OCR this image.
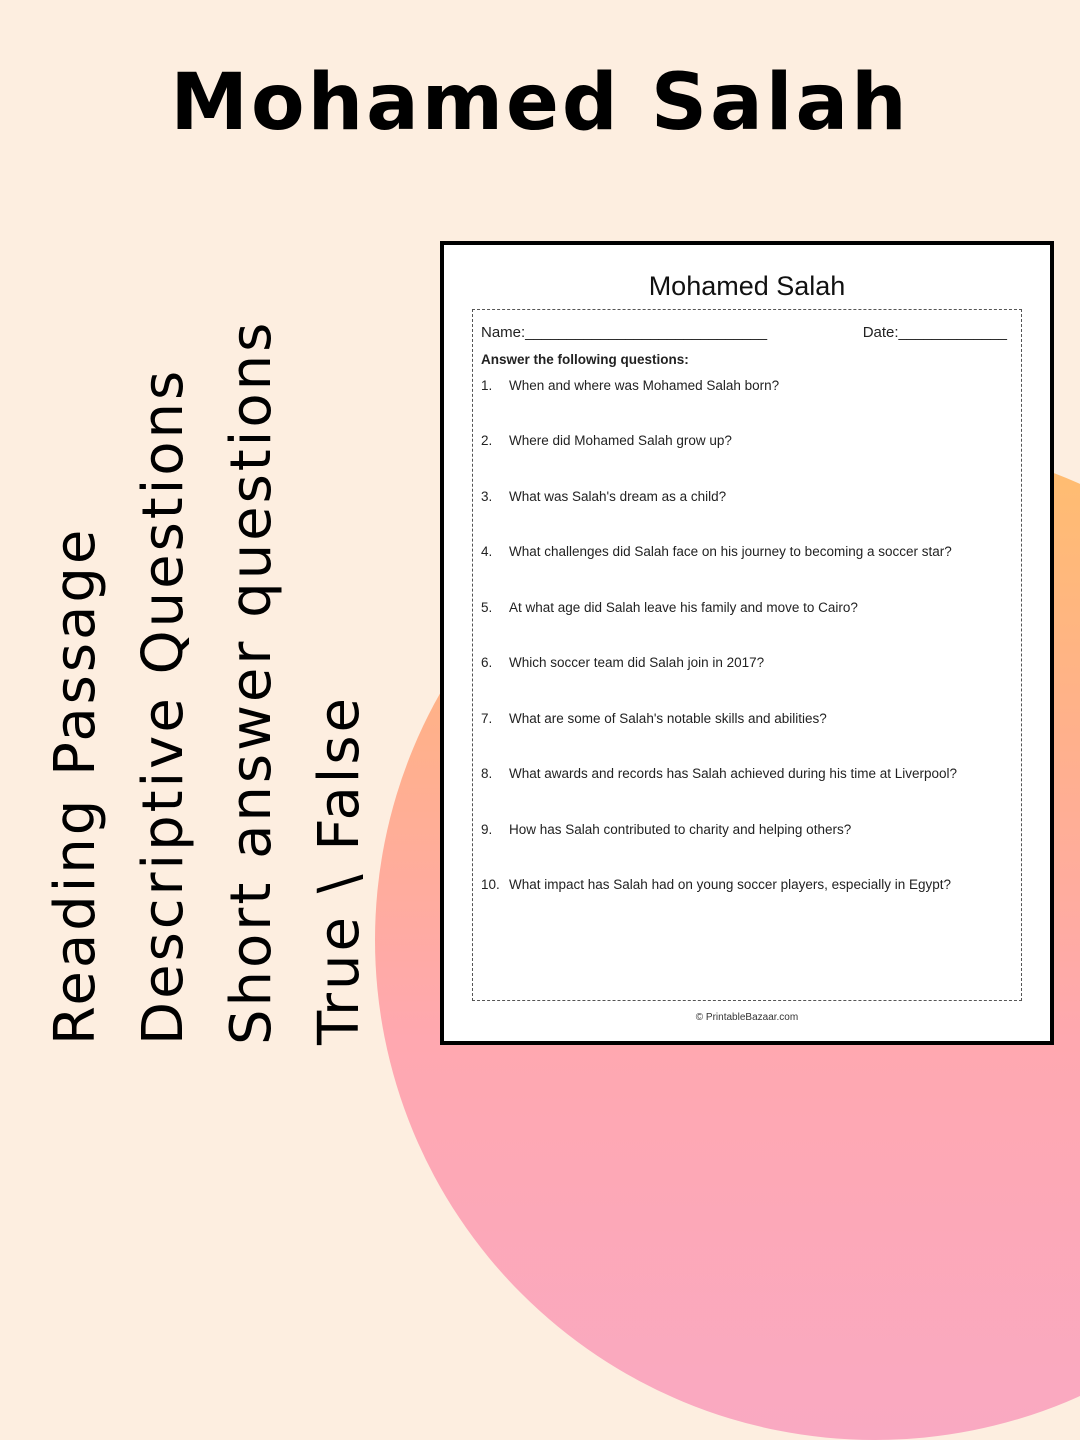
Mohamed Salah
Reading Passage Descriptive Questions Short answer questions True \ False
Mohamed Salah
Name:_____________________________	Date:_____________
Answer the following questions:
1. When and where was Mohamed Salah born?
2. Where did Mohamed Salah grow up?
3. What was Salah's dream as a child?
4. What challenges did Salah face on his journey to becoming a soccer star?
5. At what age did Salah leave his family and move to Cairo?
6. Which soccer team did Salah join in 2017?
7. What are some of Salah's notable skills and abilities?
8. What awards and records has Salah achieved during his time at Liverpool?
9. How has Salah contributed to charity and helping others?
10. What impact has Salah had on young soccer players, especially in Egypt?
© PrintableBazaar.com
